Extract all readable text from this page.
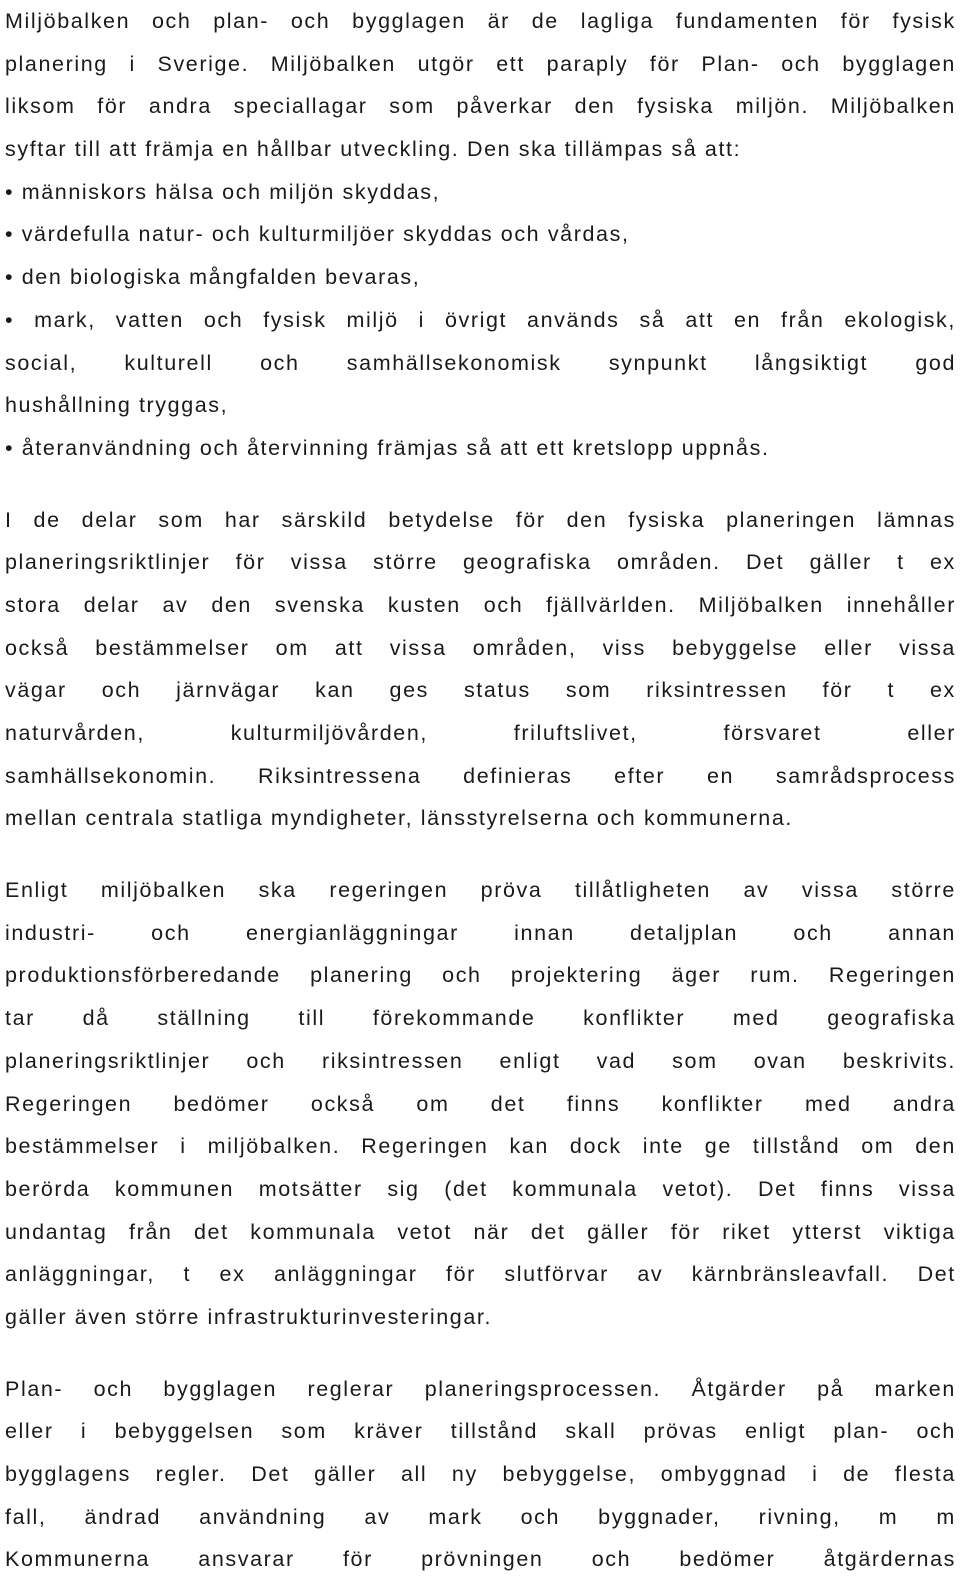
Miljöbalken och plan- och bygglagen är de lagliga fundamenten för fysisk
planering i Sverige. Miljöbalken utgör ett paraply för Plan- och bygglagen
liksom för andra speciallagar som påverkar den fysiska miljön. Miljöbalken
syftar till att främja en hållbar utveckling. Den ska tillämpas så att:
• människors hälsa och miljön skyddas,
• värdefulla natur- och kulturmiljöer skyddas och vårdas,
• den biologiska mångfalden bevaras,
• mark, vatten och fysisk miljö i övrigt används så att en från ekologisk,
social, kulturell och samhällsekonomisk synpunkt långsiktigt god
hushållning tryggas,
• återanvändning och återvinning främjas så att ett kretslopp uppnås.
I de delar som har särskild betydelse för den fysiska planeringen lämnas
planeringsriktlinjer för vissa större geografiska områden. Det gäller t ex
stora delar av den svenska kusten och fjällvärlden. Miljöbalken innehåller
också bestämmelser om att vissa områden, viss bebyggelse eller vissa
vägar och järnvägar kan ges status som riksintressen för t ex
naturvården,	kulturmiljövården,	friluftslivet,	försvaret	eller
samhällsekonomin. Riksintressena definieras efter en samrådsprocess
mellan centrala statliga myndigheter, länsstyrelserna och kommunerna.
Enligt miljöbalken ska regeringen pröva tillåtligheten av vissa större
industri-	och	energianläggningar	innan	detaljplan	och	annan
produktionsförberedande planering och projektering äger rum. Regeringen
tar då ställning till förekommande konflikter med geografiska
planeringsriktlinjer och riksintressen enligt vad som ovan beskrivits.
Regeringen bedömer också om det finns konflikter med andra
bestämmelser i miljöbalken. Regeringen kan dock inte ge tillstånd om den
berörda kommunen motsätter sig (det kommunala vetot). Det finns vissa
undantag från det kommunala vetot när det gäller för riket ytterst viktiga
anläggningar, t ex anläggningar för slutförvar av kärnbränsleavfall. Det
gäller även större infrastrukturinvesteringar.
Plan- och bygglagen reglerar planeringsprocessen. Åtgärder på marken
eller i bebyggelsen som kräver tillstånd skall prövas enligt plan- och
bygglagens regler. Det gäller all ny bebyggelse, ombyggnad i de flesta
fall, ändrad användning av mark och byggnader, rivning, m m
Kommunerna ansvarar för prövningen och bedömer åtgärdernas
